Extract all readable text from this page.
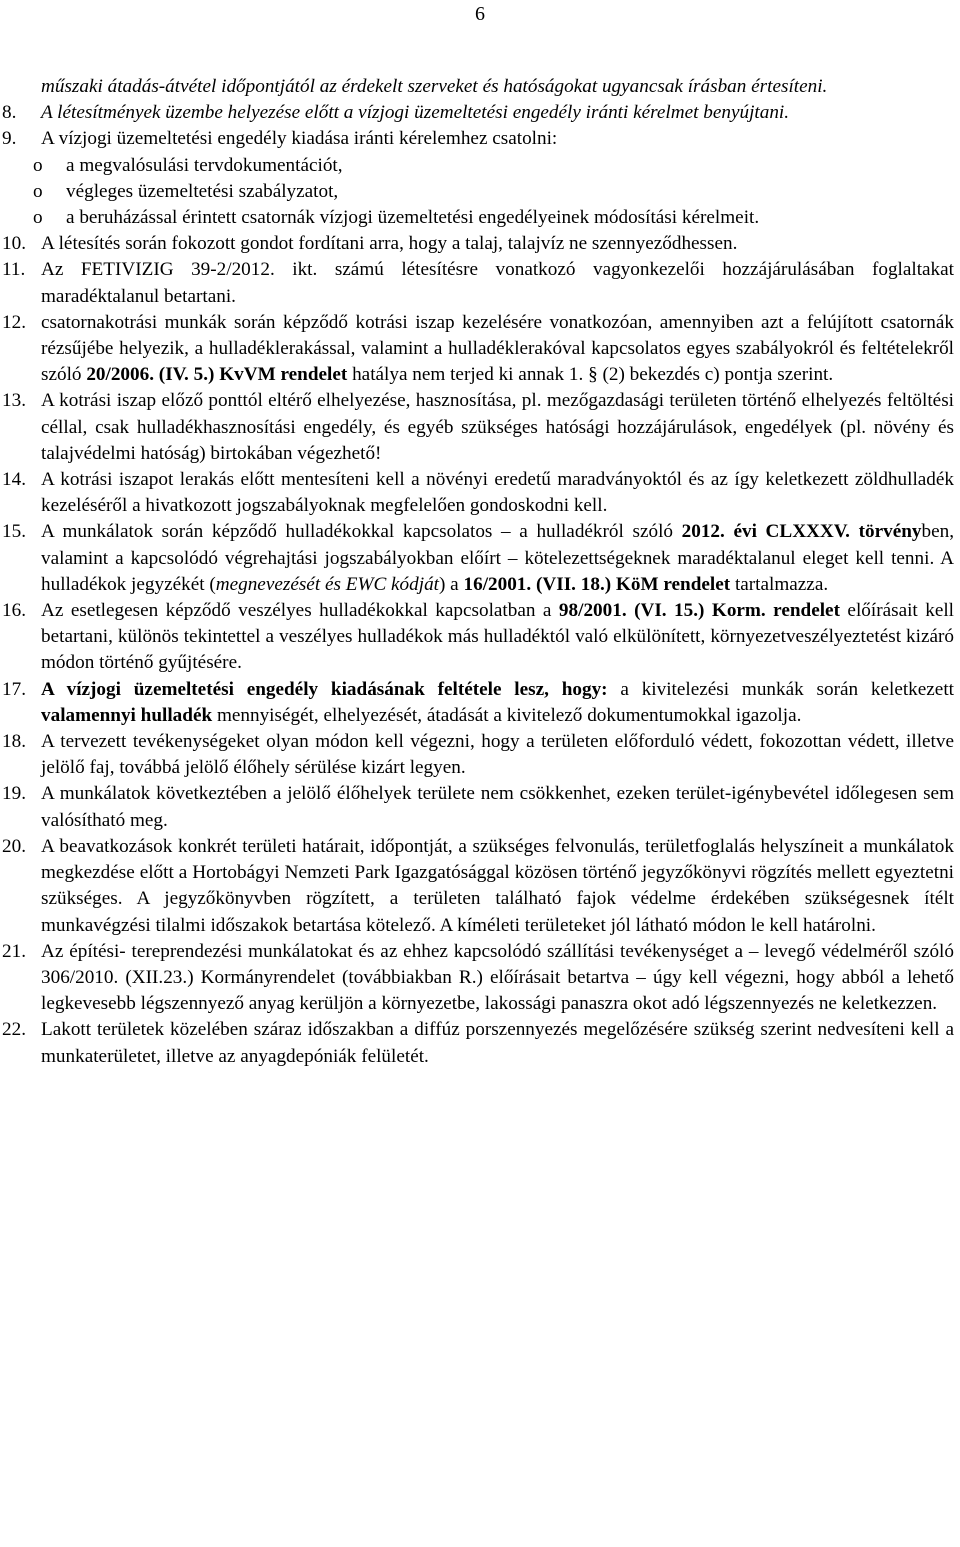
6
műszaki átadás-átvétel időpontjától az érdekelt szerveket és hatóságokat ugyancsak írásban értesíteni.
8. A létesítmények üzembe helyezése előtt a vízjogi üzemeltetési engedély iránti kérelmet benyújtani.
9. A vízjogi üzemeltetési engedély kiadása iránti kérelemhez csatolni:
o a megvalósulási tervdokumentációt,
o végleges üzemeltetési szabályzatot,
o a beruházással érintett csatornák vízjogi üzemeltetési engedélyeinek módosítási kérelmeit.
10. A létesítés során fokozott gondot fordítani arra, hogy a talaj, talajvíz ne szennyeződhessen.
11. Az FETIVIZIG 39-2/2012. ikt. számú létesítésre vonatkozó vagyonkezelői hozzájárulásában foglaltakat maradéktalanul betartani.
12. csatornakotrási munkák során képződő kotrási iszap kezelésére vonatkozóan, amennyiben azt a felújított csatornák rézsűjébe helyezik, a hulladéklerakással, valamint a hulladéklerakóval kapcsolatos egyes szabályokról és feltételekről szóló 20/2006. (IV. 5.) KvVM rendelet hatálya nem terjed ki annak 1. § (2) bekezdés c) pontja szerint.
13. A kotrási iszap előző ponttól eltérő elhelyezése, hasznosítása, pl. mezőgazdasági területen történő elhelyezés feltöltési céllal, csak hulladékhasznosítási engedély, és egyéb szükséges hatósági hozzájárulások, engedélyek (pl. növény és talajvédelmi hatóság) birtokában végezhető!
14. A kotrási iszapot lerakás előtt mentesíteni kell a növényi eredetű maradványoktól és az így keletkezett zöldhulladék kezeléséről a hivatkozott jogszabályoknak megfelelően gondoskodni kell.
15. A munkálatok során képződő hulladékokkal kapcsolatos – a hulladékról szóló 2012. évi CLXXXV. törvényben, valamint a kapcsolódó végrehajtási jogszabályokban előírt – kötelezettségeknek maradéktalanul eleget kell tenni. A hulladékok jegyzékét (megnevezését és EWC kódját) a 16/2001. (VII. 18.) KöM rendelet tartalmazza.
16. Az esetlegesen képződő veszélyes hulladékokkal kapcsolatban a 98/2001. (VI. 15.) Korm. rendelet előírásait kell betartani, különös tekintettel a veszélyes hulladékok más hulladéktól való elkülönített, környezetveszélyeztetést kizáró módon történő gyűjtésére.
17. A vízjogi üzemeltetési engedély kiadásának feltétele lesz, hogy: a kivitelezési munkák során keletkezett valamennyi hulladék mennyiségét, elhelyezését, átadását a kivitelező dokumentumokkal igazolja.
18. A tervezett tevékenységeket olyan módon kell végezni, hogy a területen előforduló védett, fokozottan védett, illetve jelölő faj, továbbá jelölő élőhely sérülése kizárt legyen.
19. A munkálatok következtében a jelölő élőhelyek területe nem csökkenhet, ezeken terület-igénybevétel időlegesen sem valósítható meg.
20. A beavatkozások konkrét területi határait, időpontját, a szükséges felvonulás, területfoglalás helyszíneit a munkálatok megkezdése előtt a Hortobágyi Nemzeti Park Igazgatósággal közösen történő jegyzőkönyvi rögzítés mellett egyeztetni szükséges. A jegyzőkönyvben rögzített, a területen található fajok védelme érdekében szükségesnek ítélt munkavégzési tilalmi időszakok betartása kötelező. A kíméleti területeket jól látható módon le kell határolni.
21. Az építési- tereprendezési munkálatokat és az ehhez kapcsolódó szállítási tevékenységet a – levegő védelméről szóló 306/2010. (XII.23.) Kormányrendelet (továbbiakban R.) előírásait betartva – úgy kell végezni, hogy abból a lehető legkevesebb légszennyező anyag kerüljön a környezetbe, lakossági panaszra okot adó légszennyezés ne keletkezzen.
22. Lakott területek közelében száraz időszakban a diffúz porszennyezés megelőzésére szükség szerint nedvesíteni kell a munkaterületet, illetve az anyagdepóniák felületét.
